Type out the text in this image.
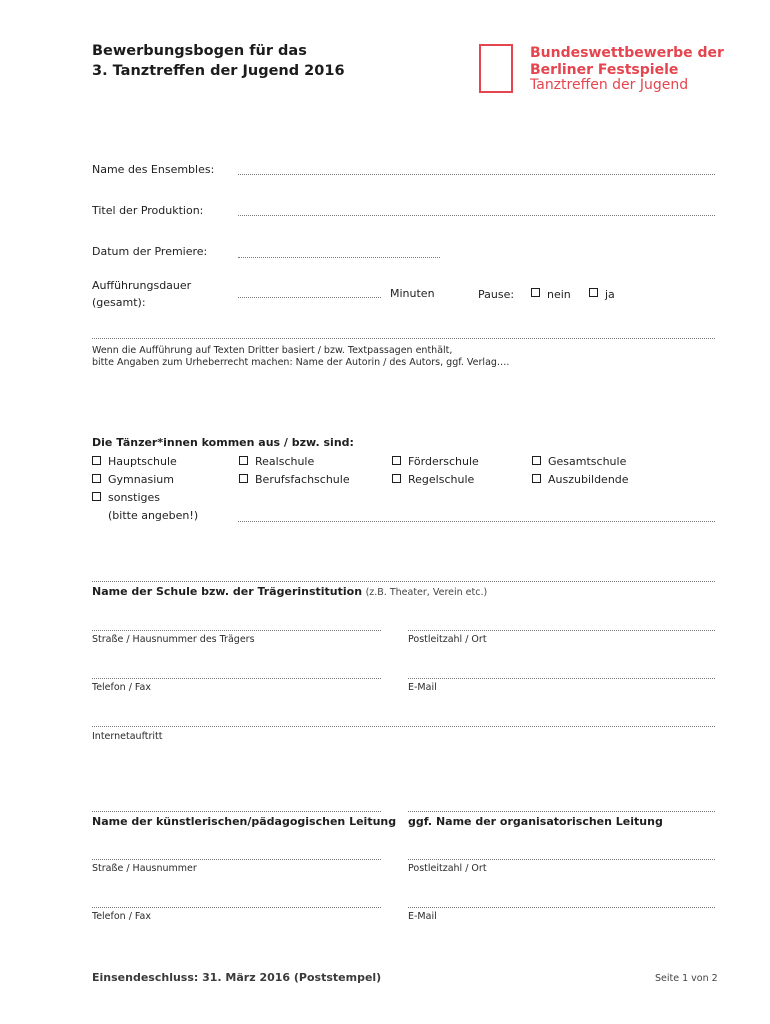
Bewerbungsbogen für das
3. Tanztreffen der Jugend 2016
Bundeswettbewerbe der
Berliner Festspiele
Tanztreffen der Jugend
Name des Ensembles:
Titel der Produktion:
Datum der Premiere:
Aufführungsdauer
(gesamt):
Minuten	Pause:	nein	ja
Wenn die Aufführung auf Texten Dritter basiert / bzw. Textpassagen enthält,
bitte Angaben zum Urheberrecht machen: Name der Autorin / des Autors, ggf. Verlag….
Die Tänzer*innen kommen aus / bzw. sind:
Hauptschule	Realschule	Förderschule	Gesamtschule
Gymnasium	Berufsfachschule	Regelschule	Auszubildende
sonstiges
(bitte angeben!)
Name der Schule bzw. der Trägerinstitution (z.B. Theater, Verein etc.)
Straße / Hausnummer des Trägers	Postleitzahl / Ort
Telefon / Fax	E-Mail
Internetauftritt
Name der künstlerischen/pädagogischen Leitung ggf. Name der organisatorischen Leitung
Straße / Hausnummer	Postleitzahl / Ort
Telefon / Fax	E-Mail
Einsendeschluss: 31. März 2016 (Poststempel)	Seite 1 von 2
